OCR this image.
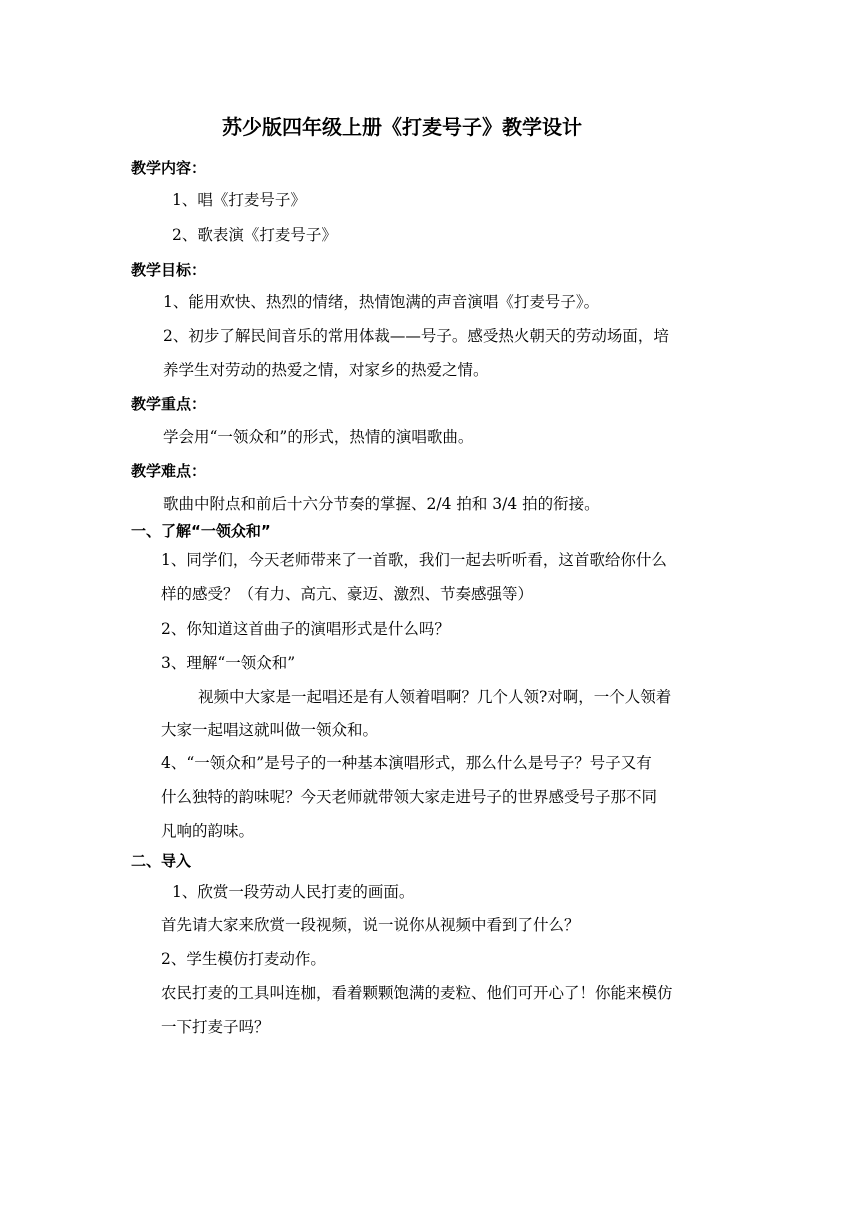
苏少版四年级上册《打麦号子》教学设计
教学内容：
1、唱《打麦号子》
2、歌表演《打麦号子》
教学目标：
1、能用欢快、热烈的情绪，热情饱满的声音演唱《打麦号子》。
2、初步了解民间音乐的常用体裁——号子。感受热火朝天的劳动场面，培
养学生对劳动的热爱之情，对家乡的热爱之情。
教学重点：
学会用“一领众和”的形式，热情的演唱歌曲。
教学难点：
歌曲中附点和前后十六分节奏的掌握、2/4 拍和 3/4 拍的衔接。
一、了解“一领众和”
1、同学们，今天老师带来了一首歌，我们一起去听听看，这首歌给你什么
样的感受？（有力、高亢、豪迈、激烈、节奏感强等）
2、你知道这首曲子的演唱形式是什么吗？
3、理解“一领众和”
视频中大家是一起唱还是有人领着唱啊？几个人领?对啊，一个人领着
大家一起唱这就叫做一领众和。
4、“一领众和”是号子的一种基本演唱形式，那么什么是号子？号子又有
什么独特的韵味呢？今天老师就带领大家走进号子的世界感受号子那不同
凡响的韵味。
二、导入
1、欣赏一段劳动人民打麦的画面。
首先请大家来欣赏一段视频，说一说你从视频中看到了什么？
2、学生模仿打麦动作。
农民打麦的工具叫连枷，看着颗颗饱满的麦粒、他们可开心了！你能来模仿
一下打麦子吗？
